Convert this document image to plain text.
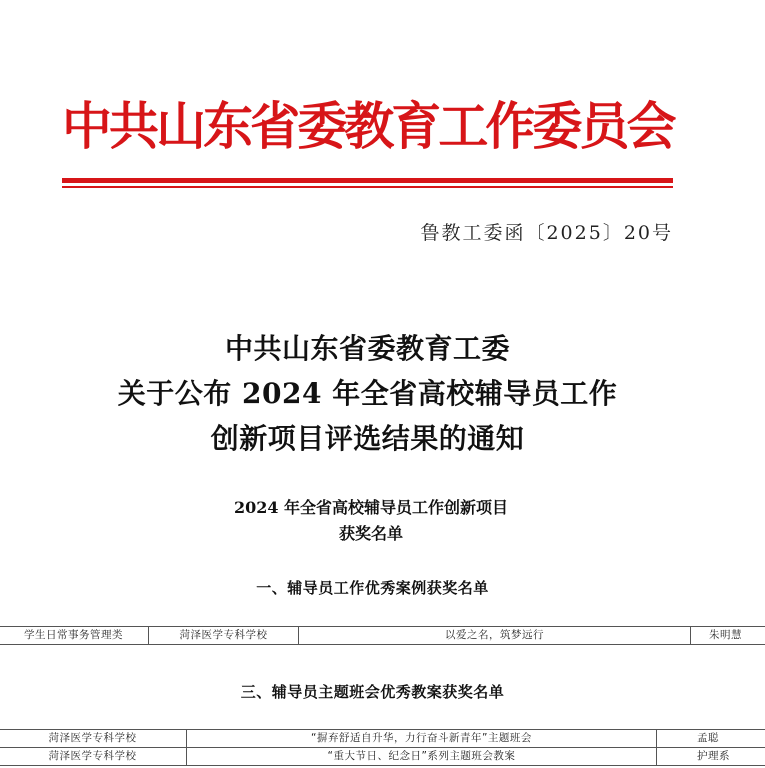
中共山东省委教育工作委员会
鲁教工委函〔2025〕20号
中共山东省委教育工委
关于公布 2024 年全省高校辅导员工作
创新项目评选结果的通知
2024 年全省高校辅导员工作创新项目
获奖名单
一、辅导员工作优秀案例获奖名单
学生日常事务管理类	菏泽医学专科学校	以爱之名，筑梦远行	朱明慧
三、辅导员主题班会优秀教案获奖名单
菏泽医学专科学校	“摒弃舒适自升华，力行奋斗新青年”主题班会	孟聪
菏泽医学专科学校	“重大节日、纪念日”系列主题班会教案	护理系
